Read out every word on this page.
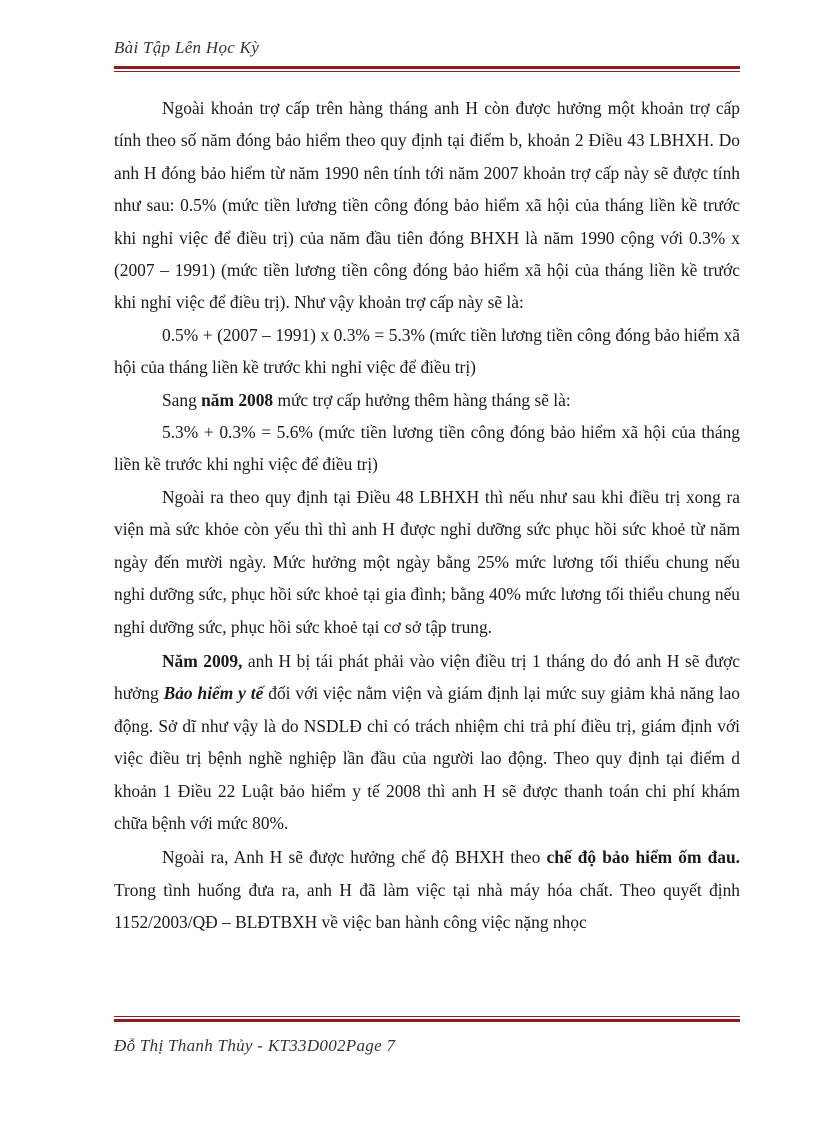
Bài Tập Lên Học Kỳ

Ngoài khoản trợ cấp trên hàng tháng anh H còn được hưởng một khoản trợ cấp tính theo số năm đóng bảo hiểm theo quy định tại điểm b, khoản 2 Điều 43 LBHXH. Do anh H đóng bảo hiểm từ năm 1990 nên tính tới năm 2007 khoản trợ cấp này sẽ được tính như sau: 0.5% (mức tiền lương tiền công đóng bảo hiểm xã hội của tháng liền kề trước khi nghỉ việc để điều trị) của năm đầu tiên đóng BHXH là năm 1990 cộng với 0.3% x (2007 – 1991) (mức tiền lương tiền công đóng bảo hiểm xã hội của tháng liền kề trước khi nghỉ việc để điều trị). Như vậy khoản trợ cấp này sẽ là:

0.5% + (2007 – 1991) x 0.3% = 5.3% (mức tiền lương tiền công đóng bảo hiểm xã hội của tháng liền kề trước khi nghỉ việc để điều trị)

Sang năm 2008 mức trợ cấp hưởng thêm hàng tháng sẽ là:

5.3% + 0.3% = 5.6% (mức tiền lương tiền công đóng bảo hiểm xã hội của tháng liền kề trước khi nghỉ việc để điều trị)

Ngoài ra theo quy định tại Điều 48 LBHXH thì nếu như sau khi điều trị xong ra viện mà sức khỏe còn yếu thì thì anh H được nghỉ dưỡng sức phục hồi sức khoẻ từ năm ngày đến mười ngày. Mức hưởng một ngày bằng 25% mức lương tối thiểu chung nếu nghỉ dưỡng sức, phục hồi sức khoẻ tại gia đình; bằng 40% mức lương tối thiểu chung nếu nghỉ dưỡng sức, phục hồi sức khoẻ tại cơ sở tập trung.

Năm 2009, anh H bị tái phát phải vào viện điều trị 1 tháng do đó anh H sẽ được hưởng Bảo hiểm y tế đối với việc nằm viện và giám định lại mức suy giảm khả năng lao động. Sở dĩ như vậy là do NSDLĐ chỉ có trách nhiệm chi trả phí điều trị, giám định với việc điều trị bệnh nghề nghiệp lần đầu của người lao động. Theo quy định tại điểm d khoản 1 Điều 22 Luật bảo hiểm y tế 2008 thì anh H sẽ được thanh toán chi phí khám chữa bệnh với mức 80%.

Ngoài ra, Anh H sẽ được hưởng chế độ BHXH theo chế độ bảo hiểm ốm đau. Trong tình huống đưa ra, anh H đã làm việc tại nhà máy hóa chất. Theo quyết định 1152/2003/QĐ – BLĐTBXH về việc ban hành công việc nặng nhọc

Đỗ Thị Thanh Thủy - KT33D002Page 7
